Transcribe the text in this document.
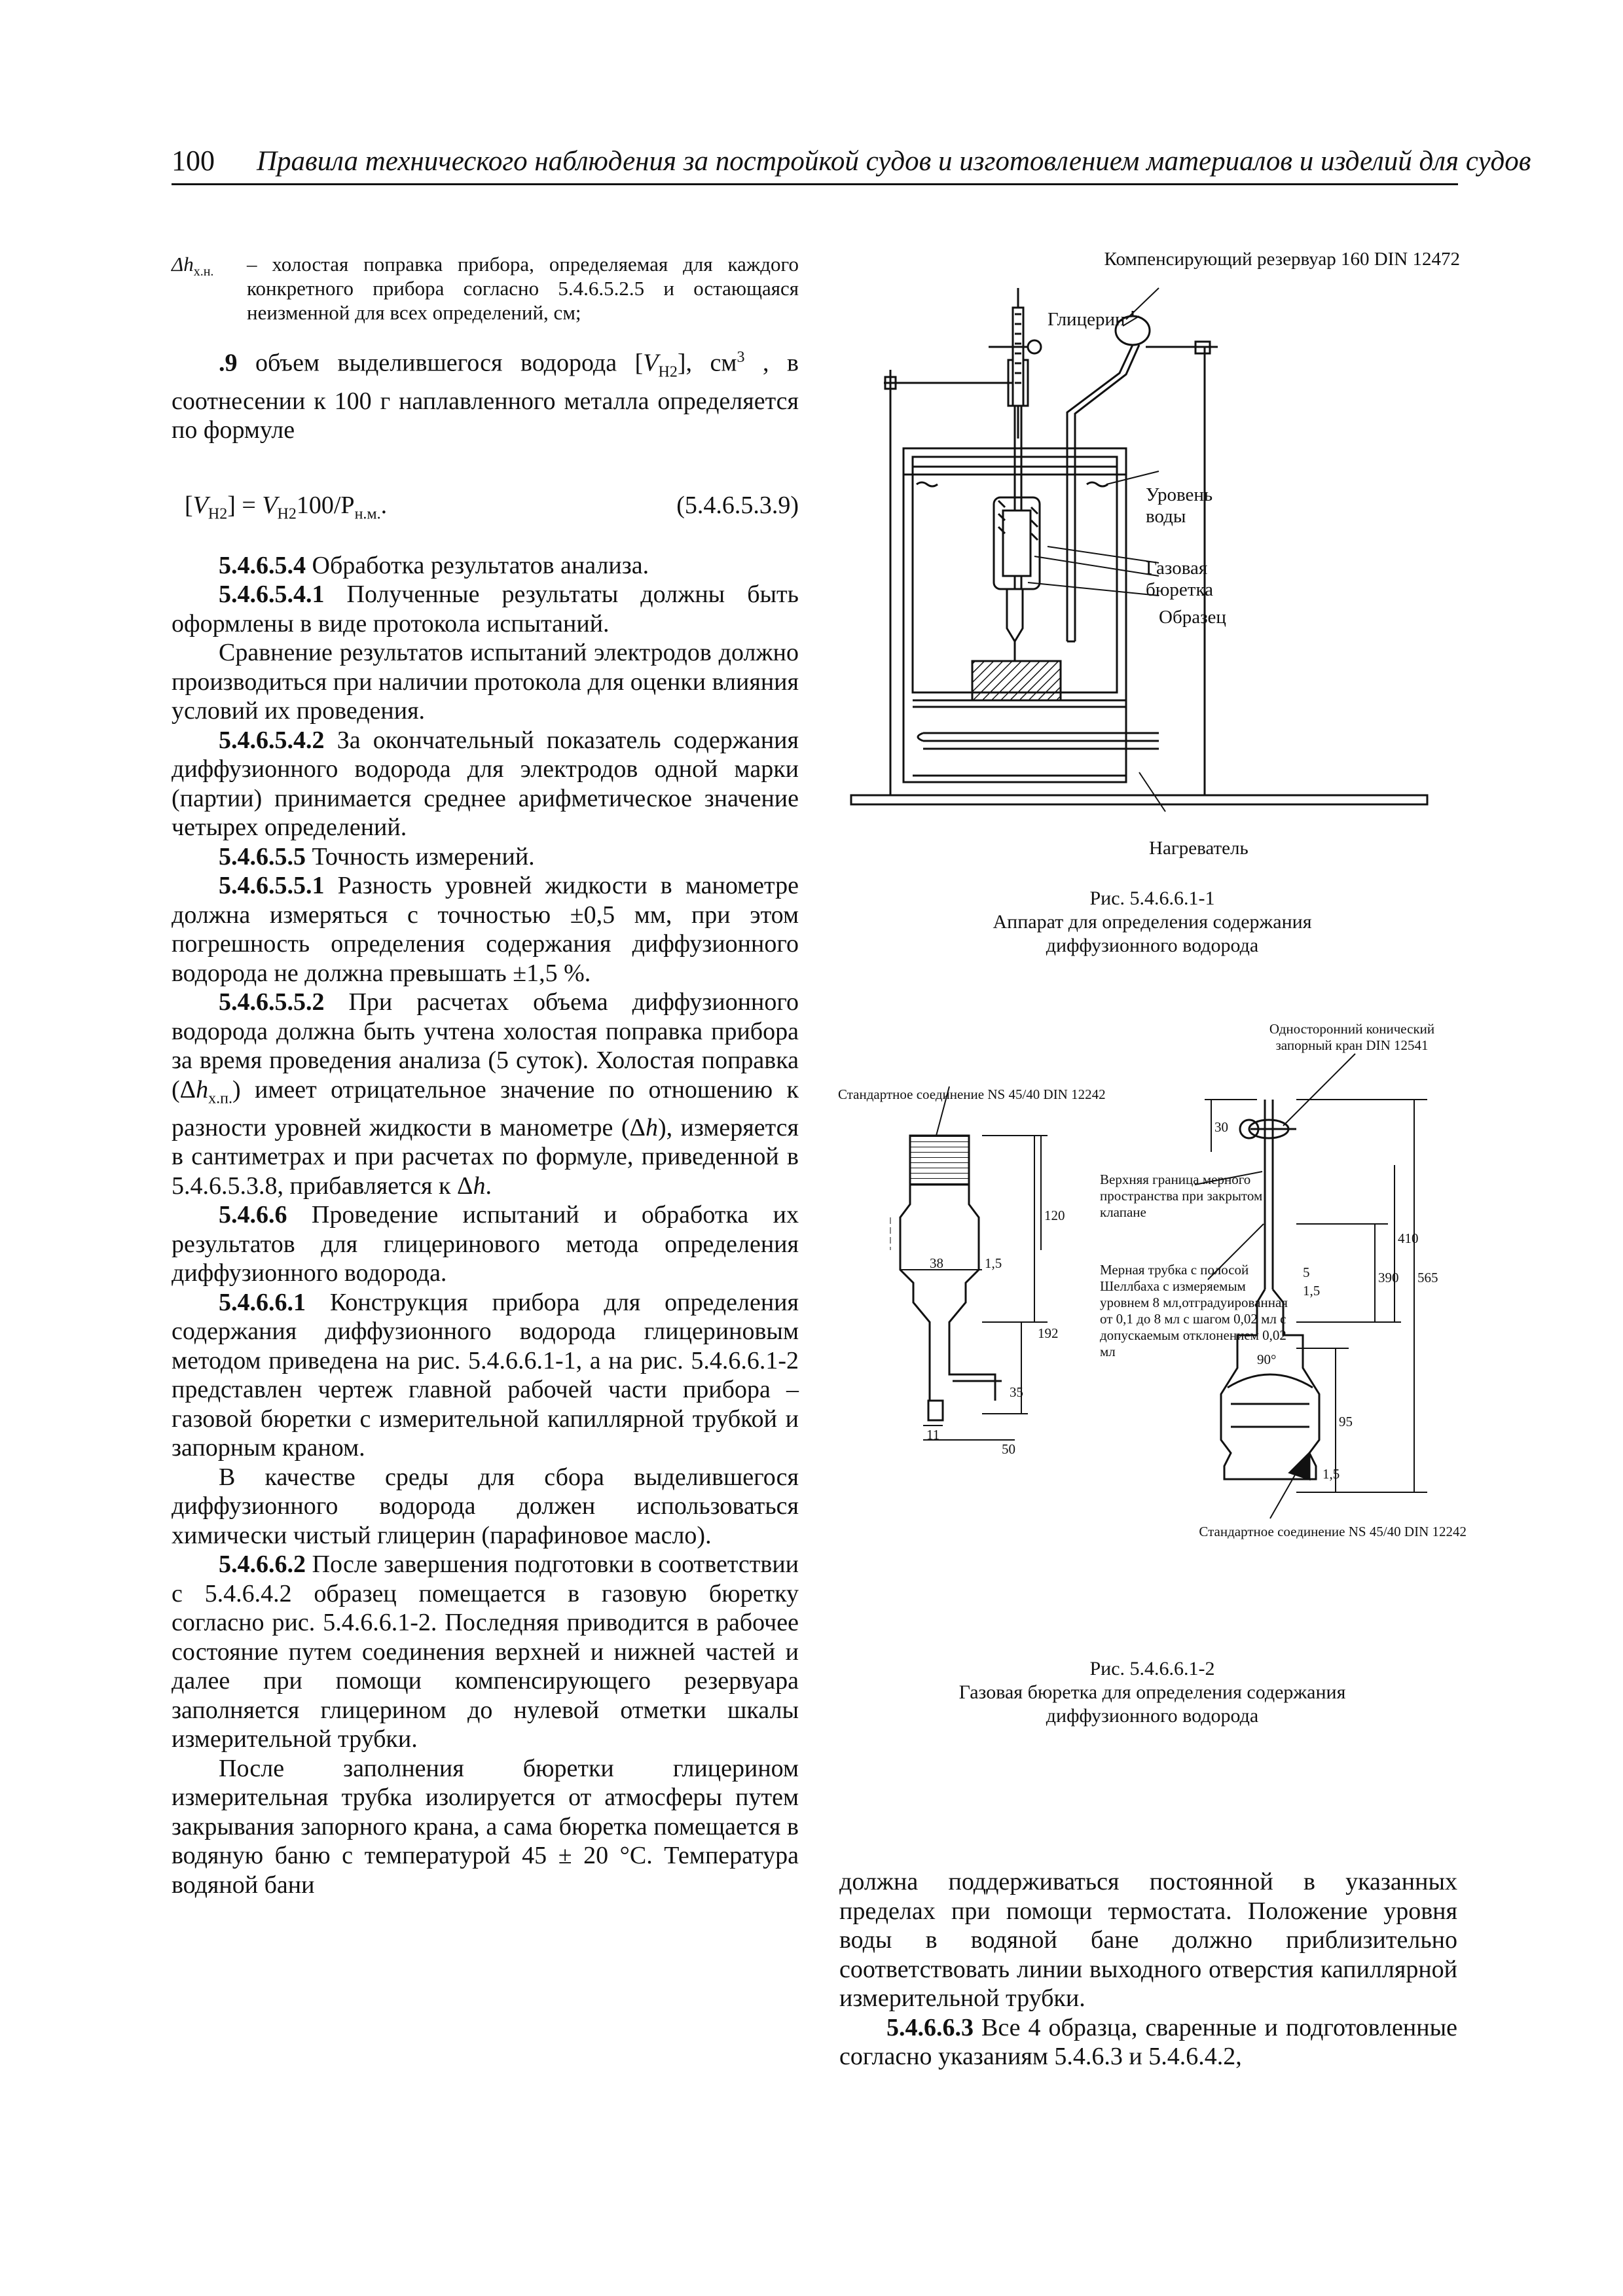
100 Правила технического наблюдения за постройкой судов и изготовлением материалов и изделий для судов
$\Delta h_{х.н.}$	– холостая поправка прибора, определяемая для каждого конкретного прибора согласно 5.4.6.5.2.5 и остающаяся неизменной для всех определений, см;

.9 объем выделившегося водорода $[V_{H2}]$, $см^3$ , в соотнесении к 100 г наплавленного металла определяется по формуле

$[V_{H2}] = V_{H2}100/P_{н.м.}$.	(5.4.6.5.3.9)

5.4.6.5.4 Обработка результатов анализа.

5.4.6.5.4.1 Полученные результаты должны быть оформлены в виде протокола испытаний.

Сравнение результатов испытаний электродов должно производиться при наличии протокола для оценки влияния условий их проведения.

5.4.6.5.4.2 За окончательный показатель содержания диффузионного водорода для электродов одной марки (партии) принимается среднее арифметическое значение четырех определений.

5.4.6.5.5 Точность измерений.

5.4.6.5.5.1 Разность уровней жидкости в манометре должна измеряться с точностью ±0,5 мм, при этом погрешность определения содержания диффузионного водорода не должна превышать ±1,5 %.

5.4.6.5.5.2 При расчетах объема диффузионного водорода должна быть учтена холостая поправка прибора за время проведения анализа (5 суток). Холостая поправка $(\Delta h_{х.п.})$ имеет отрицательное значение по отношению к разности уровней жидкости в манометре (Δh), измеряется в сантиметрах и при расчетах по формуле, приведенной в 5.4.6.5.3.8, прибавляется к Δh.

5.4.6.6 Проведение испытаний и обработка их результатов для глицеринового метода определения диффузионного водорода.

5.4.6.6.1 Конструкция прибора для определения содержания диффузионного водорода глицериновым методом приведена на рис. 5.4.6.6.1-1, а на рис. 5.4.6.6.1-2 представлен чертеж главной рабочей части прибора – газовой бюретки с измерительной капиллярной трубкой и запорным краном.

В качестве среды для сбора выделившегося диффузионного водорода должен использоваться химически чистый глицерин (парафиновое масло).

5.4.6.6.2 После завершения подготовки в соответствии с 5.4.6.4.2 образец помещается в газовую бюретку согласно рис. 5.4.6.6.1-2. Последняя приводится в рабочее состояние путем соединения верхней и нижней частей и далее при помощи компенсирующего резервуара заполняется глицерином до нулевой отметки шкалы измерительной трубки.

После заполнения бюретки глицерином измерительная трубка изолируется от атмосферы путем закрывания запорного крана, а сама бюретка помещается в водяную баню с температурой 45 ± 20 °C. Температура водяной бани

Компенсирующий резервуар 160 DIN 12472
Глицерин
Уровень воды
Газовая бюретка
Образец
Нагреватель
Рис. 5.4.6.6.1-1
Аппарат для определения содержания
диффузионного водорода
Односторонний конический запорный кран DIN 12541
Стандартное соединение NS 45/40 DIN 12242
Верхняя граница мерного пространства при закрытом клапане
Мерная трубка с полосой Шеллбаха с измеряемым уровнем 8 мл,отградуированная от 0,1 до 8 мл с шагом 0,02 мл с допускаемым отклонением 0,02 мл
Стандартное соединение NS 45/40 DIN 12242
30
120
38	1,5
192
35
11
50
5
1,5
390
410
565
90°
95
1,5
Рис. 5.4.6.6.1-2
Газовая бюретка для определения содержания
диффузионного водорода

должна поддерживаться постоянной в указанных пределах при помощи термостата. Положение уровня воды в водяной бане должно приблизительно соответствовать линии выходного отверстия капиллярной измерительной трубки.

5.4.6.6.3 Все 4 образца, сваренные и подготовленные согласно указаниям 5.4.6.3 и 5.4.6.4.2,
